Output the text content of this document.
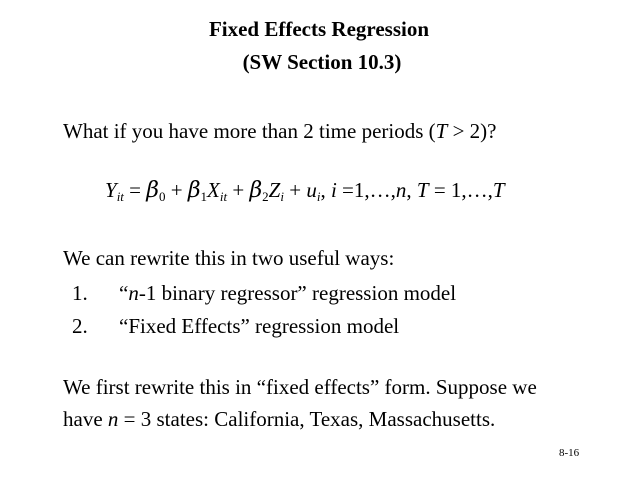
Fixed Effects Regression
(SW Section 10.3)
What if you have more than 2 time periods (T > 2)?
Yit = $\beta_0 + \beta_1Xit + \beta_2Zi$ + ui, i =1,…,n, T = 1,…,T
We can rewrite this in two useful ways:
1. “n-1 binary regressor” regression model
2. “Fixed Effects” regression model
We first rewrite this in “fixed effects” form. Suppose we
have n = 3 states: California, Texas, Massachusetts.
8-16
